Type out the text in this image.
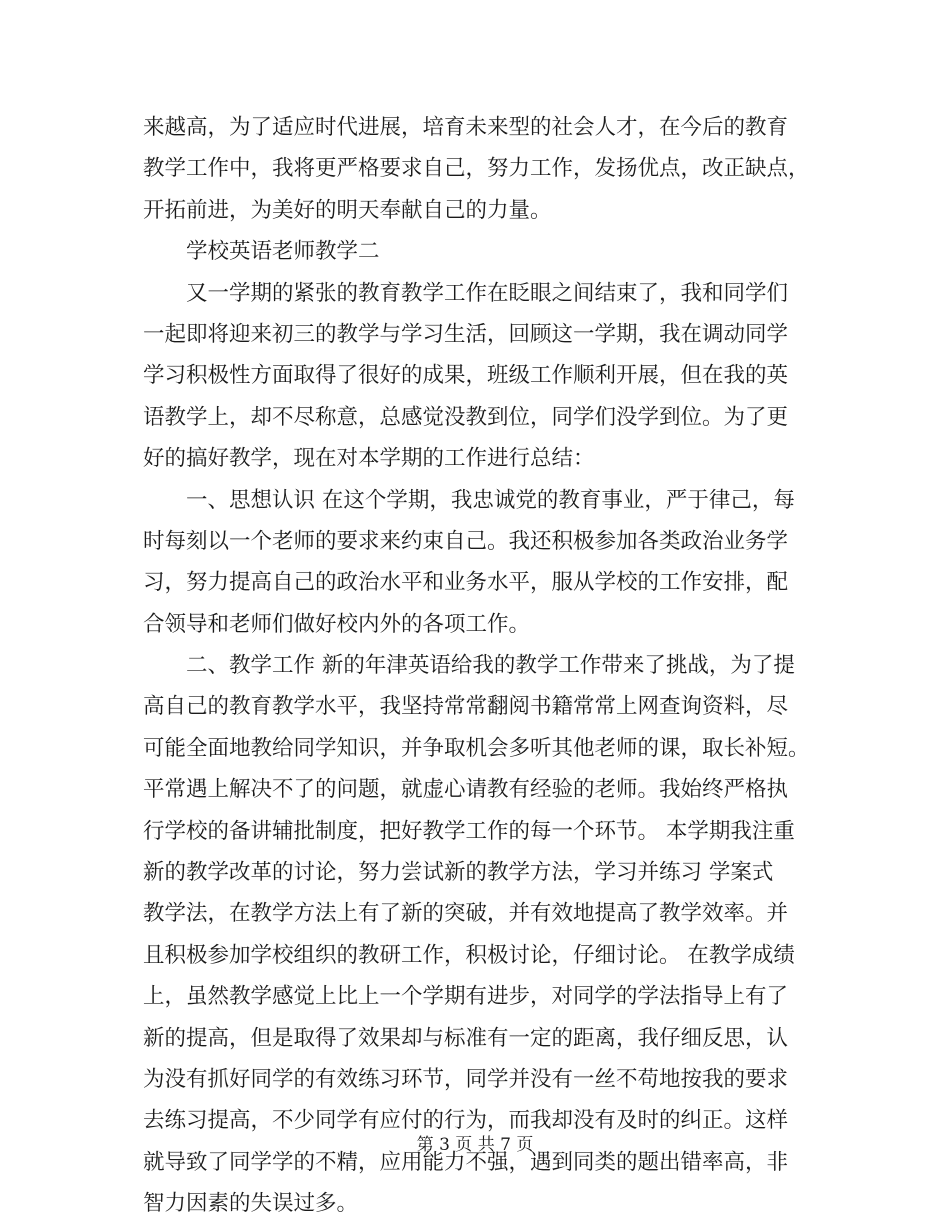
来越高，为了适应时代进展，培育未来型的社会人才，在今后的教育
教学工作中，我将更严格要求自己，努力工作，发扬优点，改正缺点，
开拓前进，为美好的明天奉献自己的力量。
　　学校英语老师教学二
　　又一学期的紧张的教育教学工作在眨眼之间结束了，我和同学们
一起即将迎来初三的教学与学习生活，回顾这一学期，我在调动同学
学习积极性方面取得了很好的成果，班级工作顺利开展，但在我的英
语教学上，却不尽称意，总感觉没教到位，同学们没学到位。为了更
好的搞好教学，现在对本学期的工作进行总结：
　　一、思想认识 在这个学期，我忠诚党的教育事业，严于律己，每
时每刻以一个老师的要求来约束自己。我还积极参加各类政治业务学
习，努力提高自己的政治水平和业务水平，服从学校的工作安排，配
合领导和老师们做好校内外的各项工作。
　　二、教学工作 新的年津英语给我的教学工作带来了挑战，为了提
高自己的教育教学水平，我坚持常常翻阅书籍常常上网查询资料，尽
可能全面地教给同学知识，并争取机会多听其他老师的课，取长补短。
平常遇上解决不了的问题，就虚心请教有经验的老师。我始终严格执
行学校的备讲辅批制度，把好教学工作的每一个环节。 本学期我注重
新的教学改革的讨论，努力尝试新的教学方法，学习并练习 学案式
教学法，在教学方法上有了新的突破，并有效地提高了教学效率。并
且积极参加学校组织的教研工作，积极讨论，仔细讨论。 在教学成绩
上，虽然教学感觉上比上一个学期有进步，对同学的学法指导上有了
新的提高，但是取得了效果却与标准有一定的距离，我仔细反思，认
为没有抓好同学的有效练习环节，同学并没有一丝不苟地按我的要求
去练习提高，不少同学有应付的行为，而我却没有及时的纠正。这样
就导致了同学学的不精，应用能力不强，遇到同类的题出错率高，非
智力因素的失误过多。
第 3 页 共 7 页
